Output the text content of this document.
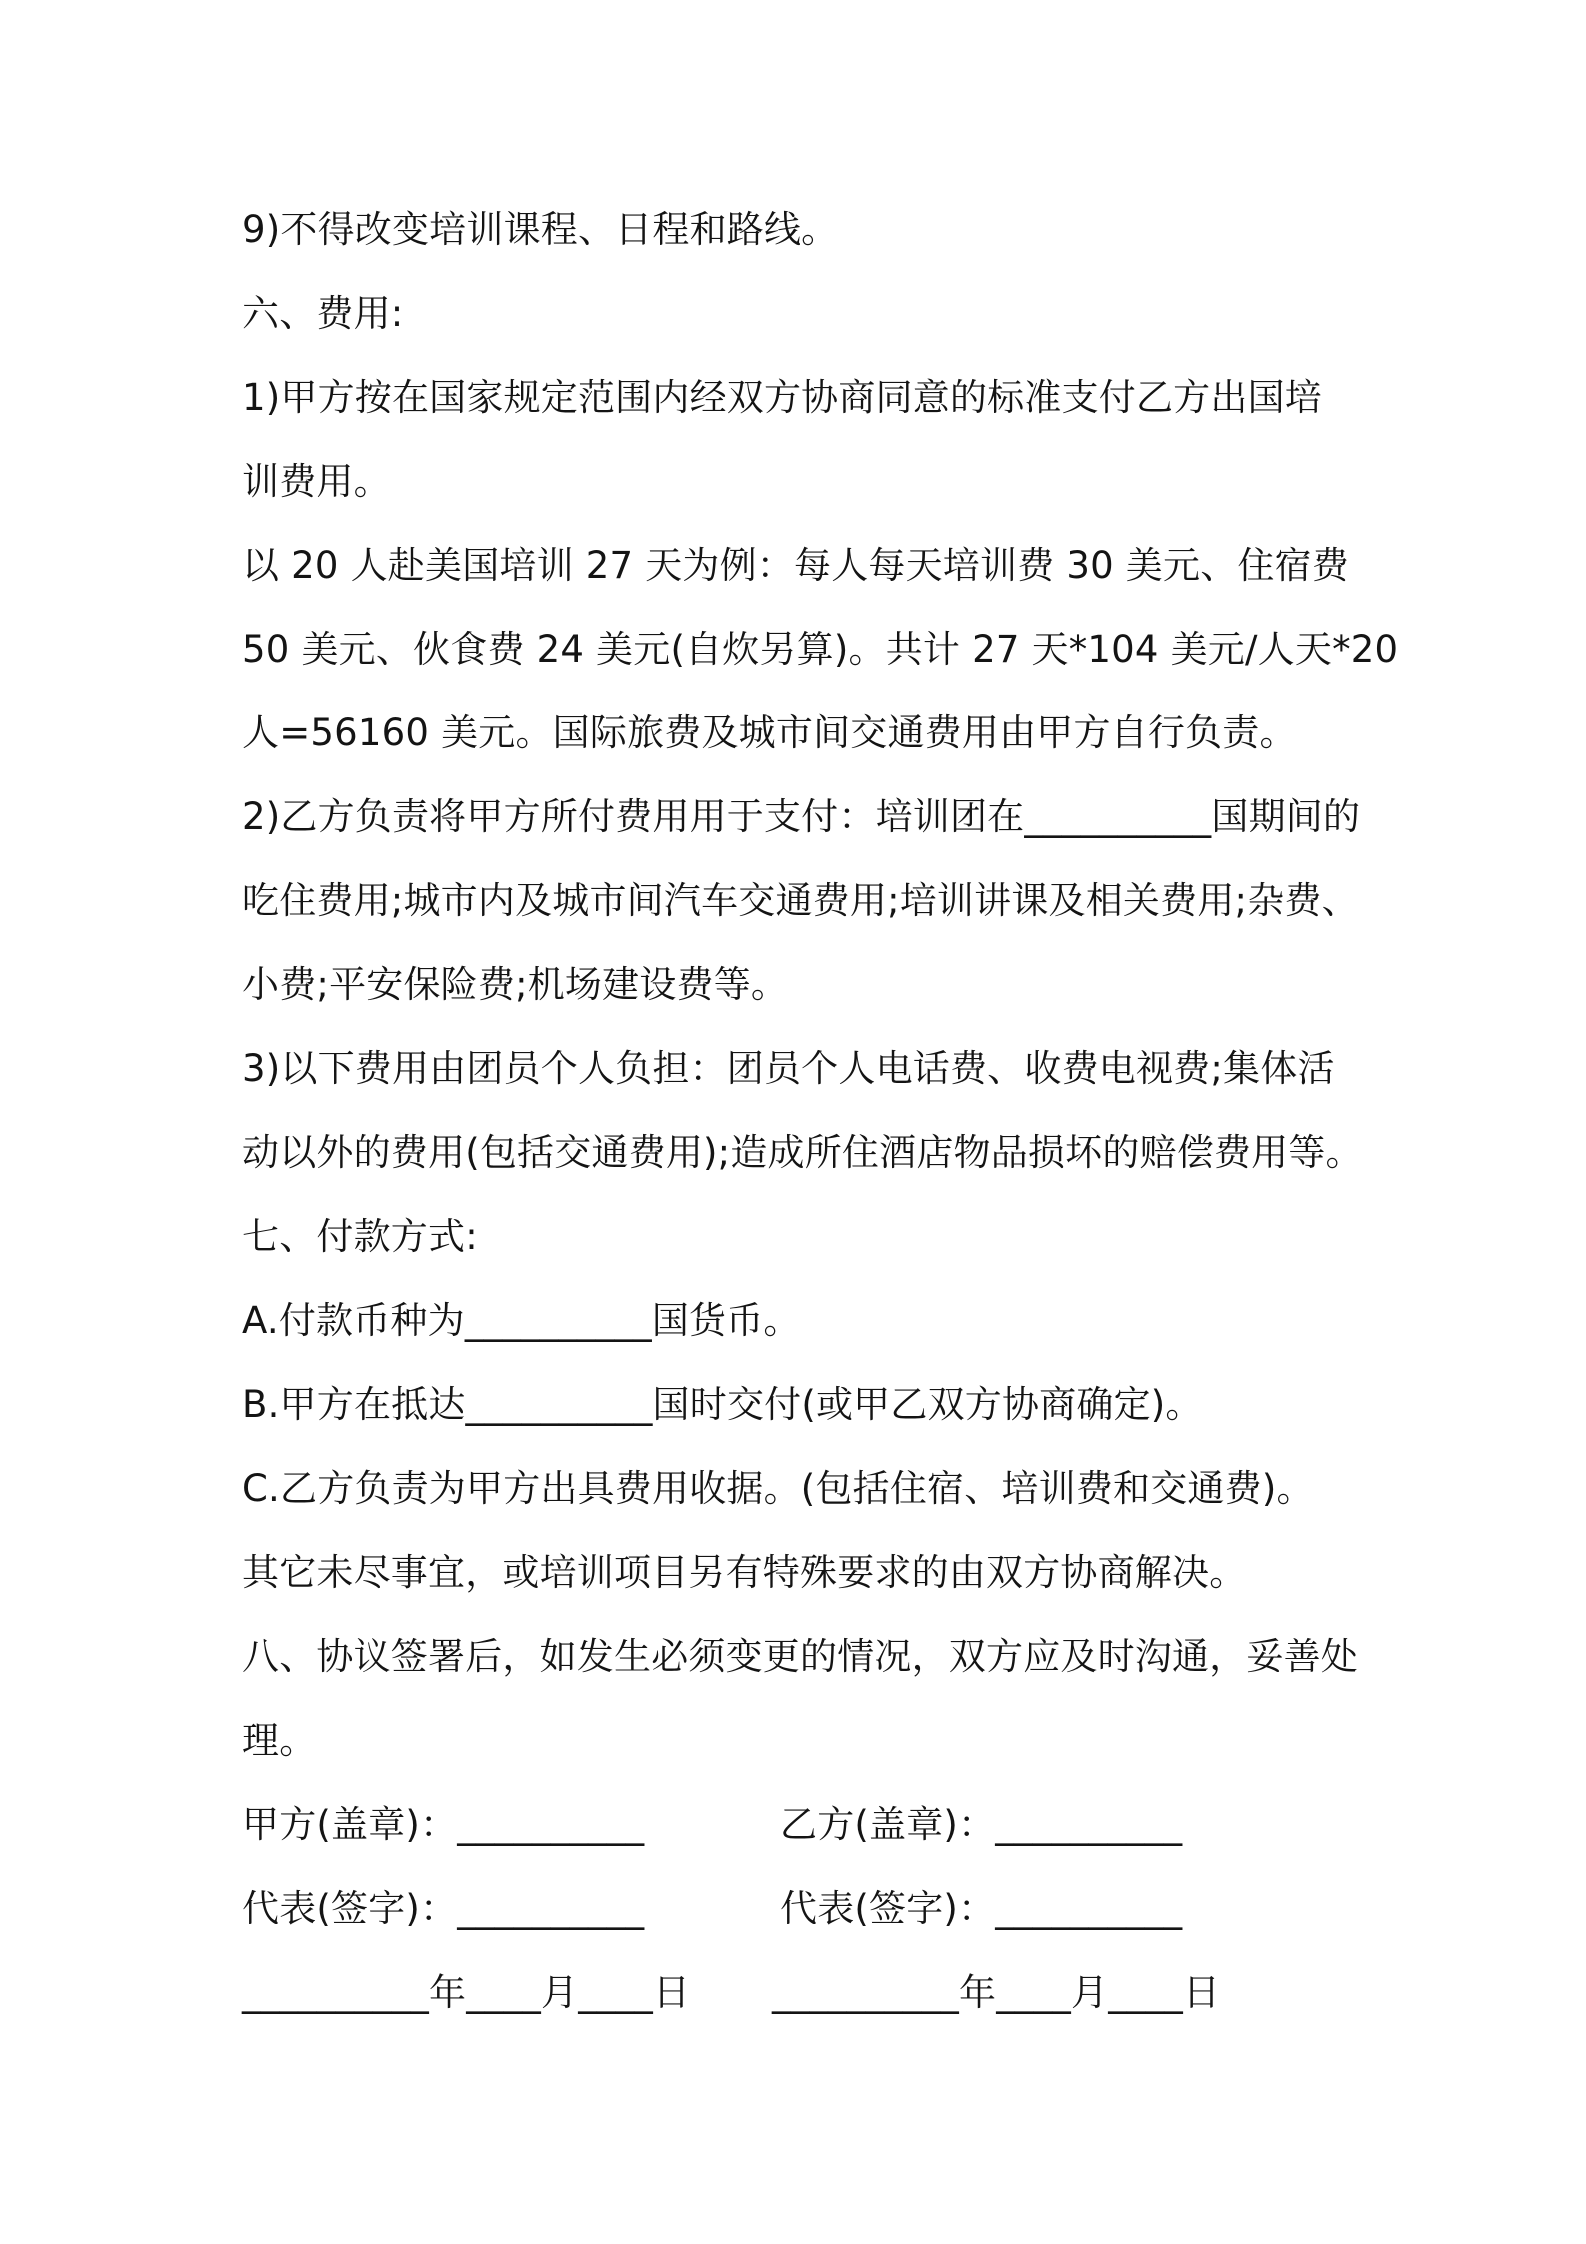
9)不得改变培训课程、日程和路线。
六、费用:
1)甲方按在国家规定范围内经双方协商同意的标准支付乙方出国培
训费用。
以 20 人赴美国培训 27 天为例：每人每天培训费 30 美元、住宿费
50 美元、伙食费 24 美元(自炊另算)。共计 27 天*104 美元/人天*20
人=56160 美元。国际旅费及城市间交通费用由甲方自行负责。
2)乙方负责将甲方所付费用用于支付：培训团在__________国期间的
吃住费用;城市内及城市间汽车交通费用;培训讲课及相关费用;杂费、
小费;平安保险费;机场建设费等。
3)以下费用由团员个人负担：团员个人电话费、收费电视费;集体活
动以外的费用(包括交通费用);造成所住酒店物品损坏的赔偿费用等。
七、付款方式:
A.付款币种为__________国货币。
B.甲方在抵达__________国时交付(或甲乙双方协商确定)。
C.乙方负责为甲方出具费用收据。(包括住宿、培训费和交通费)。
其它未尽事宜，或培训项目另有特殊要求的由双方协商解决。
八、协议签署后，如发生必须变更的情况，双方应及时沟通，妥善处
理。
甲方(盖章)：__________	乙方(盖章)：__________
代表(签字)：__________	代表(签字)：__________
__________年____月____日 __________年____月____日
